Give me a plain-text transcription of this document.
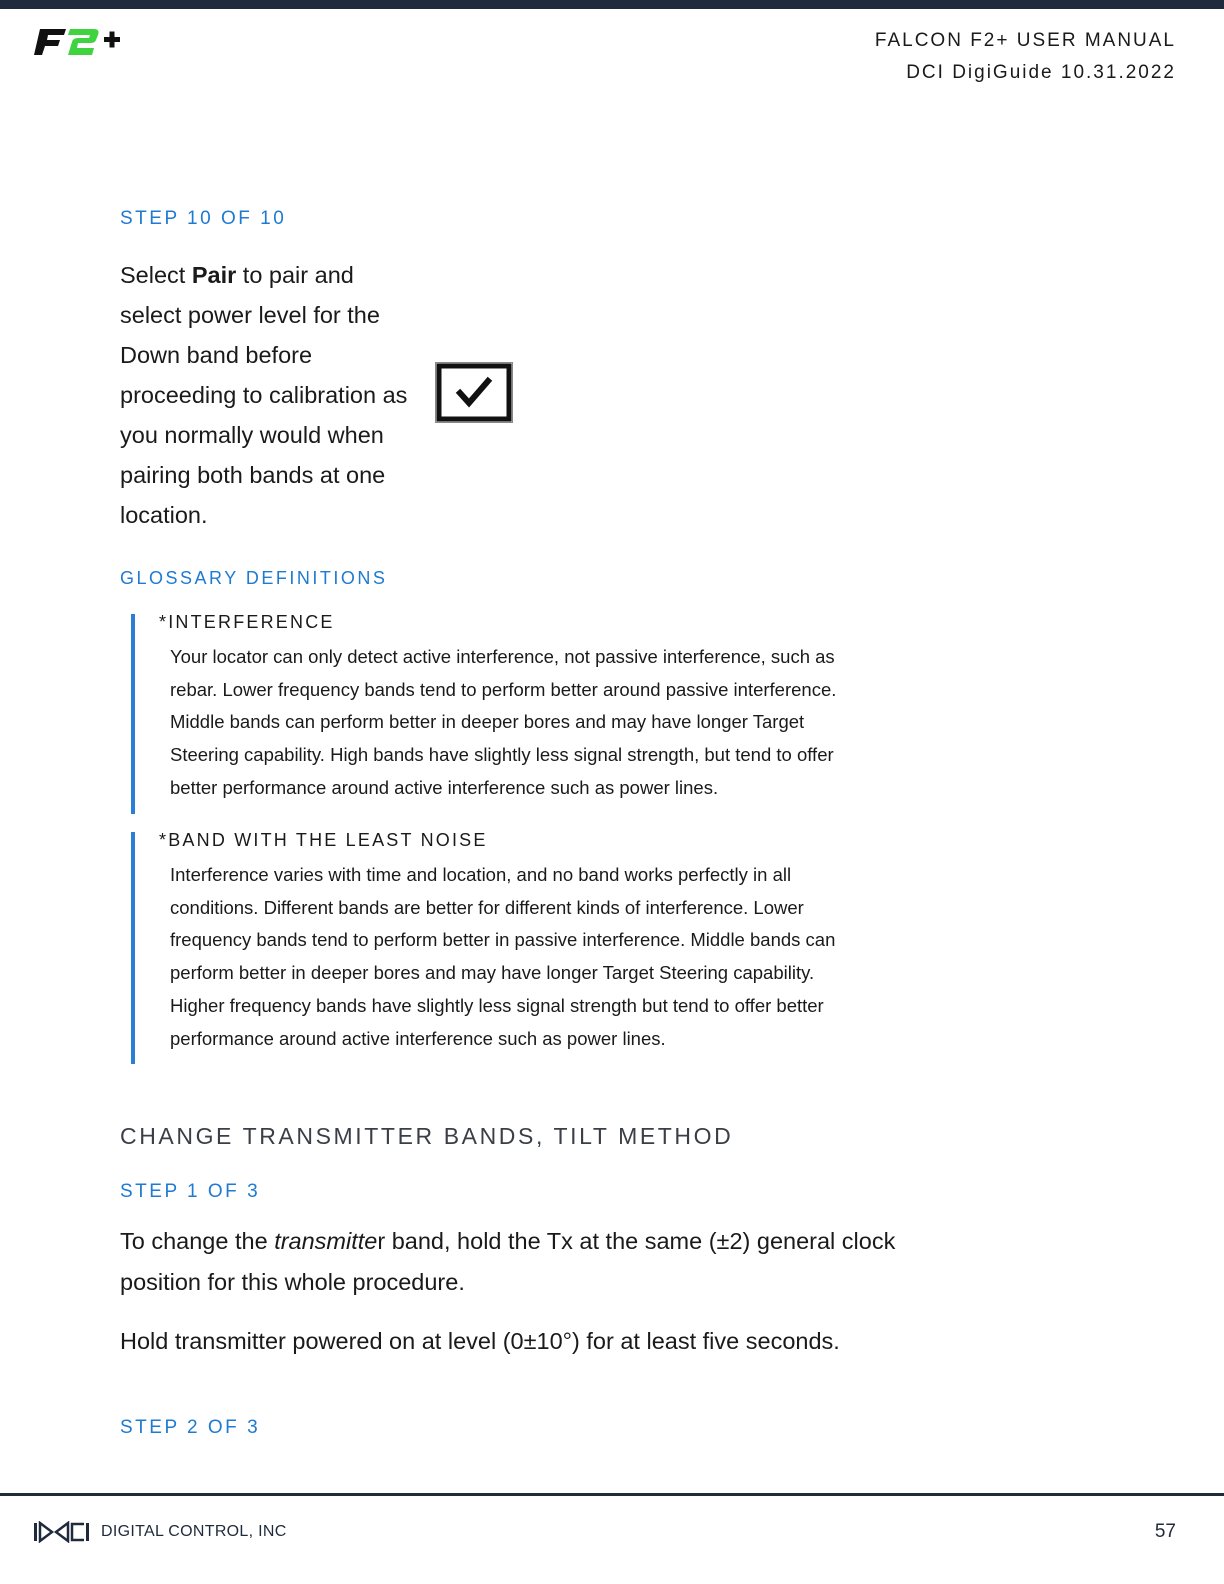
FALCON F2+ USER MANUAL
DCI DigiGuide 10.31.2022
STEP 10 OF 10
Select Pair to pair and
select power level for the
Down band before
proceeding to calibration as
you normally would when
pairing both bands at one
location.
GLOSSARY DEFINITIONS
*INTERFERENCE
Your locator can only detect active interference, not passive interference, such as
rebar. Lower frequency bands tend to perform better around passive interference.
Middle bands can perform better in deeper bores and may have longer Target
Steering capability. High bands have slightly less signal strength, but tend to offer
better performance around active interference such as power lines.
*BAND WITH THE LEAST NOISE
Interference varies with time and location, and no band works perfectly in all
conditions. Different bands are better for different kinds of interference. Lower
frequency bands tend to perform better in passive interference. Middle bands can
perform better in deeper bores and may have longer Target Steering capability.
Higher frequency bands have slightly less signal strength but tend to offer better
performance around active interference such as power lines.
CHANGE TRANSMITTER BANDS, TILT METHOD
STEP 1 OF 3
To change the transmitter band, hold the Tx at the same (±2) general clock
position for this whole procedure.
Hold transmitter powered on at level (0±10°) for at least five seconds.
STEP 2 OF 3
DIGITAL CONTROL, INC	57
